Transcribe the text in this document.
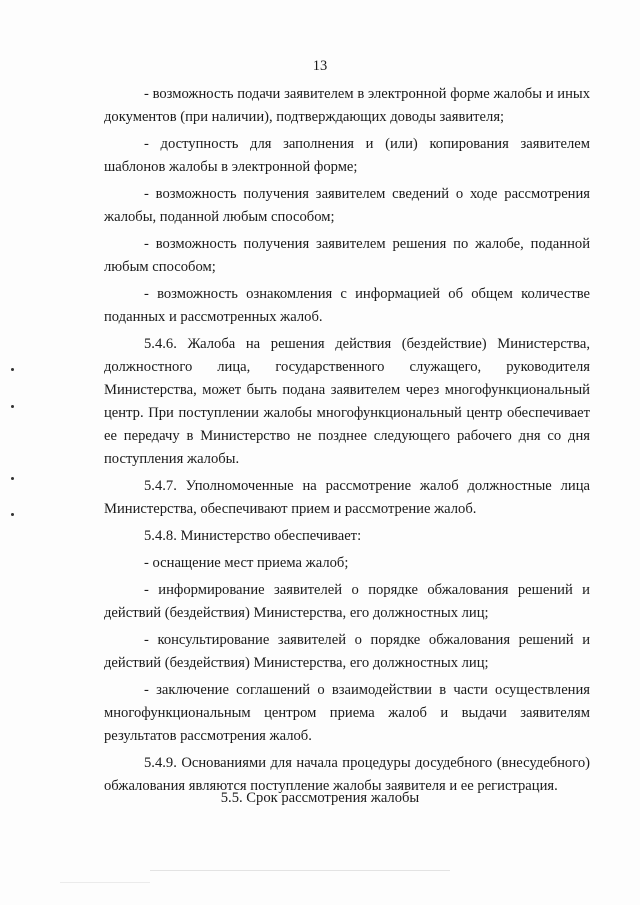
13

- возможность подачи заявителем в электронной форме жалобы и иных документов (при наличии), подтверждающих доводы заявителя;

- доступность для заполнения и (или) копирования заявителем шаблонов жалобы в электронной форме;

- возможность получения заявителем сведений о ходе рассмотрения жалобы, поданной любым способом;

- возможность получения заявителем решения по жалобе, поданной любым способом;

- возможность ознакомления с информацией об общем количестве поданных и рассмотренных жалоб.

5.4.6. Жалоба на решения действия (бездействие) Министерства, должностного лица, государственного служащего, руководителя Министерства, может быть подана заявителем через многофункциональный центр. При поступлении жалобы многофункциональный центр обеспечивает ее передачу в Министерство не позднее следующего рабочего дня со дня поступления жалобы.

5.4.7. Уполномоченные на рассмотрение жалоб должностные лица Министерства, обеспечивают прием и рассмотрение жалоб.

5.4.8. Министерство обеспечивает:

- оснащение мест приема жалоб;

- информирование заявителей о порядке обжалования решений и действий (бездействия) Министерства, его должностных лиц;

- консультирование заявителей о порядке обжалования решений и действий (бездействия) Министерства, его должностных лиц;

- заключение соглашений о взаимодействии в части осуществления многофункциональным центром приема жалоб и выдачи заявителям результатов рассмотрения жалоб.

5.4.9. Основаниями для начала процедуры досудебного (внесудебного) обжалования являются поступление жалобы заявителя и ее регистрация.

5.5. Срок рассмотрения жалобы
